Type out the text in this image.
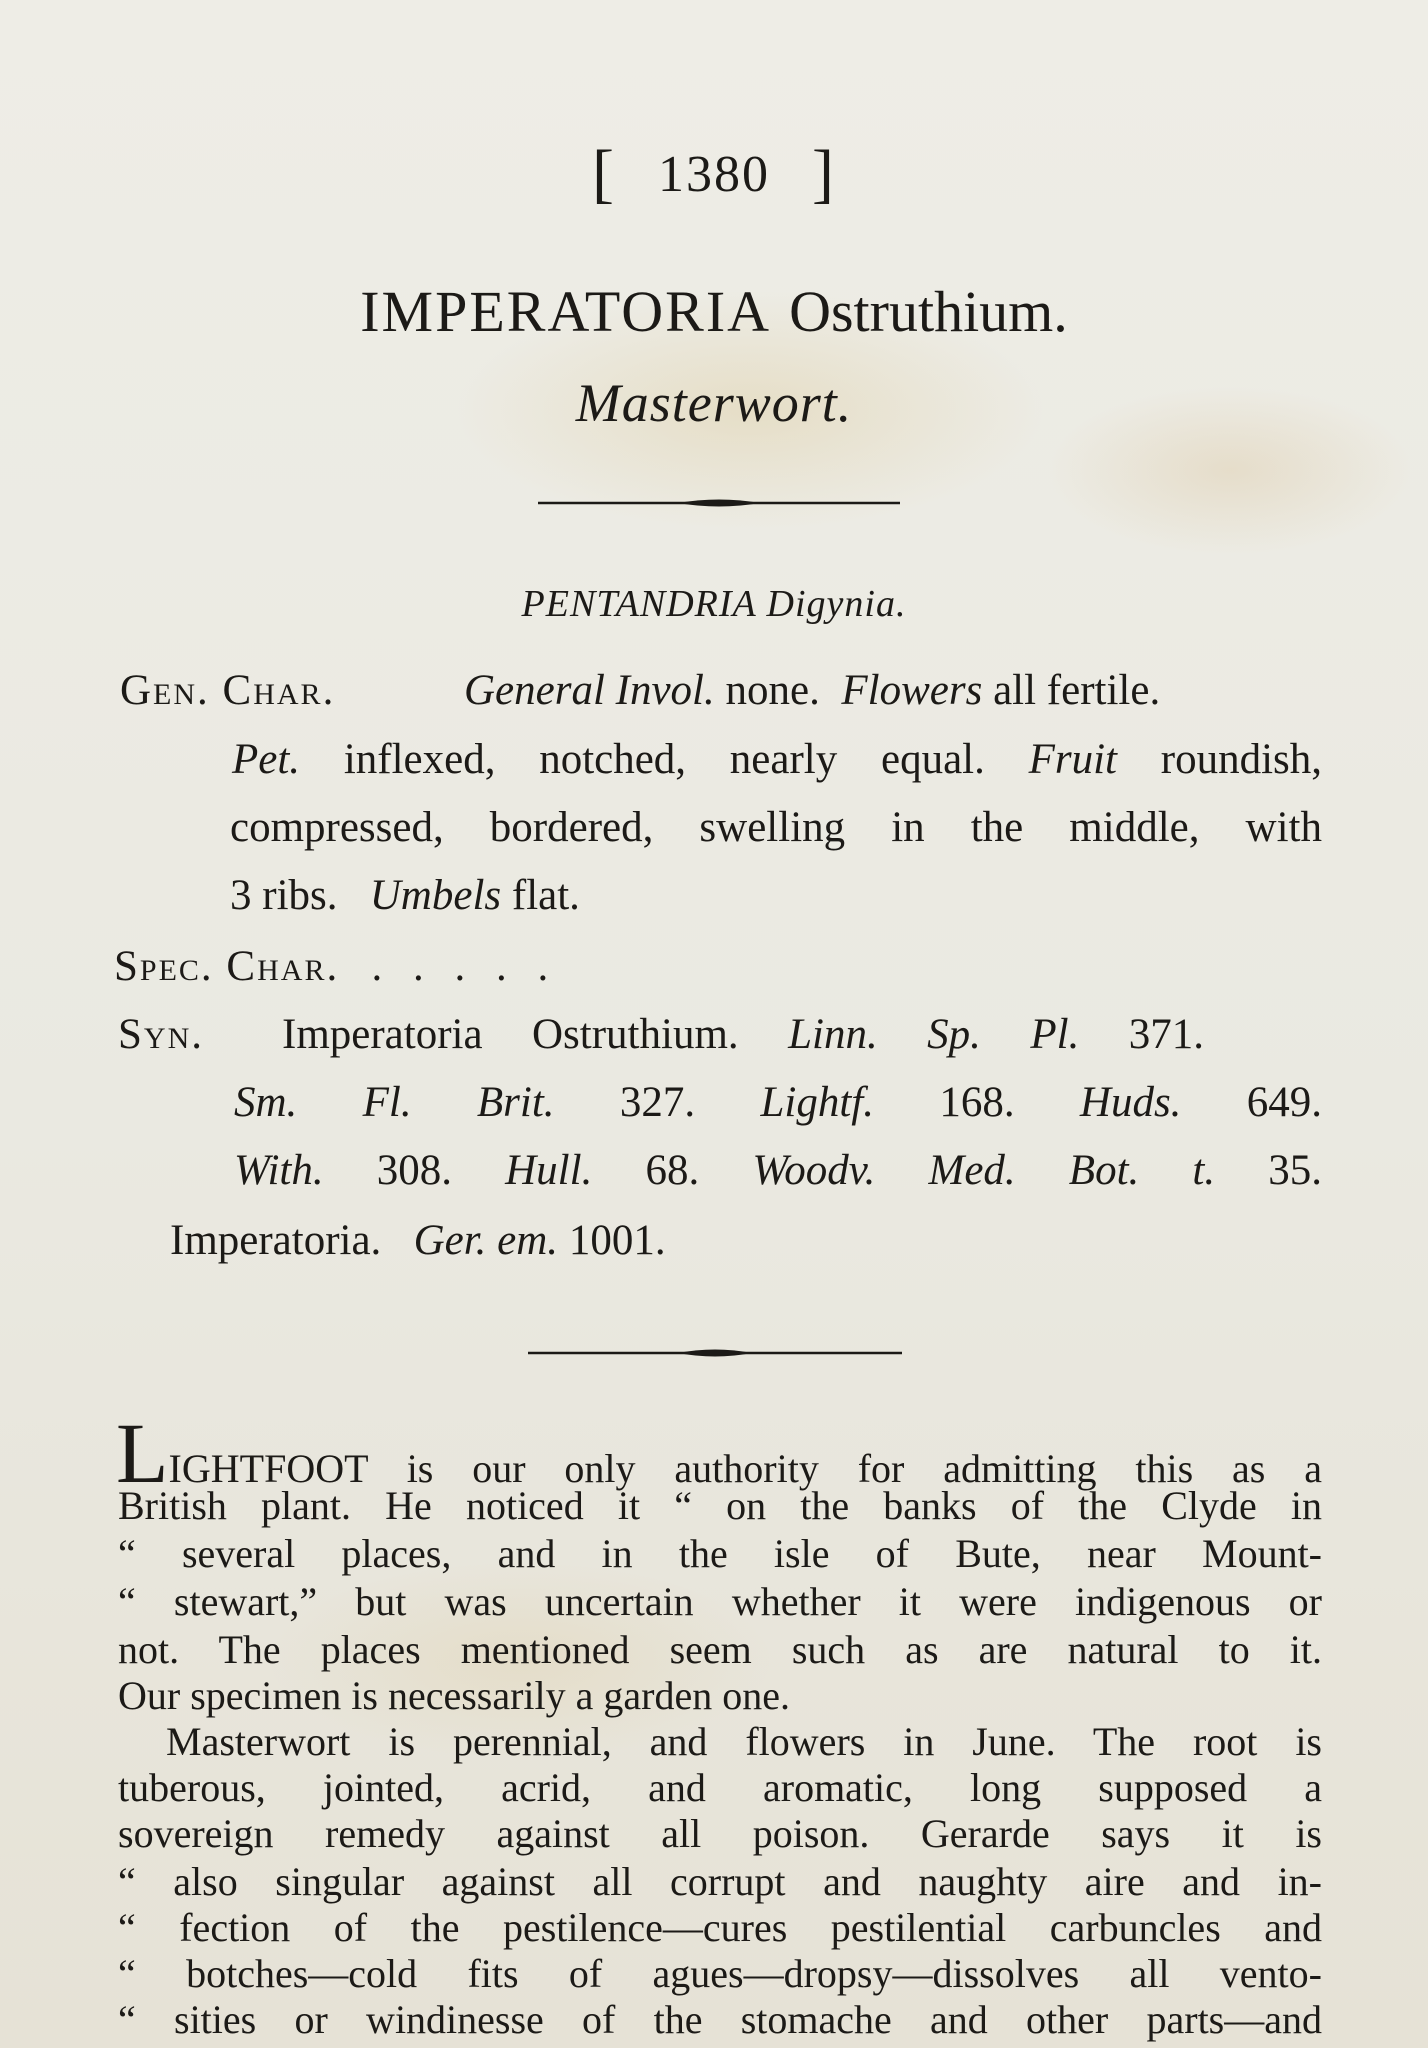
[ 1380 ]
IMPERATORIA Ostruthium.
Masterwort.
PENTANDRIA Digynia.
Gen. Char.	General Invol. none. Flowers all fertile.
Pet. inflexed, notched, nearly equal. Fruit roundish,
compressed, bordered, swelling in the middle, with
3 ribs. Umbels flat.
Spec. Char. . . . . .
Syn. Imperatoria Ostruthium. Linn. Sp. Pl. 371.
Sm. Fl. Brit. 327. Lightf. 168. Huds. 649.
With. 308. Hull. 68. Woodv. Med. Bot. t. 35.
Imperatoria. Ger. em. 1001.
LIGHTFOOT is our only authority for admitting this as a
British plant. He noticed it “ on the banks of the Clyde in
“ several places, and in the isle of Bute, near Mount-
“ stewart,” but was uncertain whether it were indigenous or
not. The places mentioned seem such as are natural to it.
Our specimen is necessarily a garden one.
Masterwort is perennial, and flowers in June. The root is
tuberous, jointed, acrid, and aromatic, long supposed a
sovereign remedy against all poison. Gerarde says it is
“ also singular against all corrupt and naughty aire and in-
“ fection of the pestilence—cures pestilential carbuncles and
“ botches—cold fits of agues—dropsy—dissolves all vento-
“ sities or windinesse of the stomache and other parts—and
